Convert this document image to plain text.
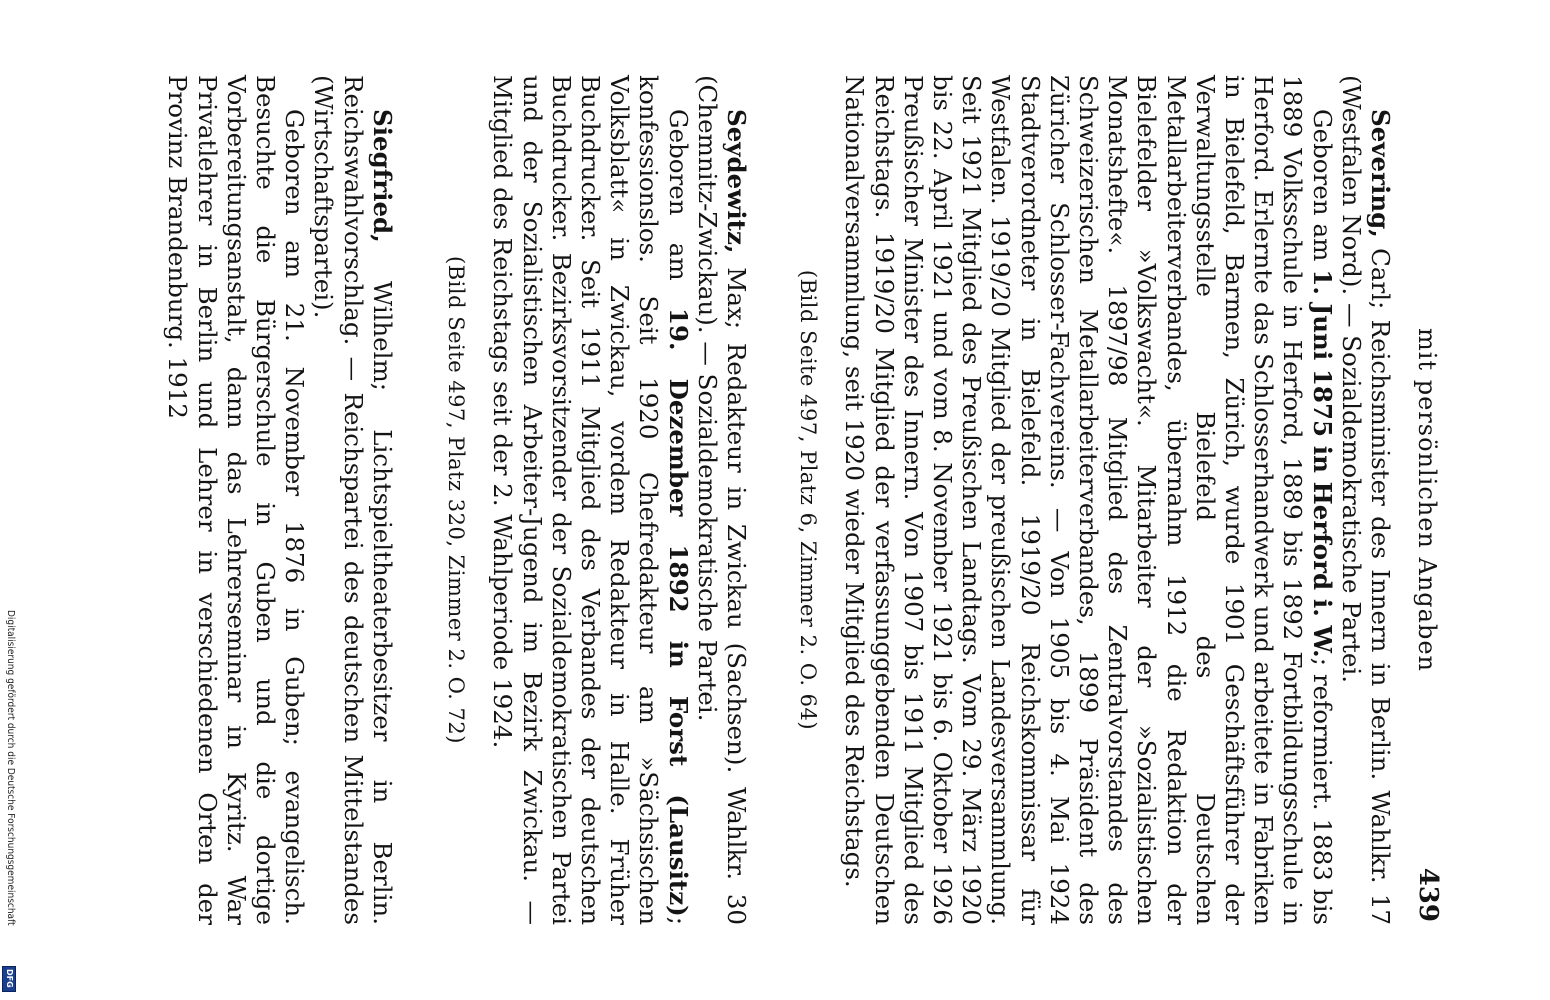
mit persönlichen Angaben
439

Severing, Carl; Reichsminister des Innern in Berlin. Wahlkr. 17 (Westfalen Nord). — Sozialdemokratische Partei.

Geboren am 1. Juni 1875 in Herford i. W.; reformiert. 1883 bis 1889 Volksschule in Herford, 1889 bis 1892 Fortbildungsschule in Herford. Erlernte das Schlosserhandwerk und arbeitete in Fabriken in Bielefeld, Barmen, Zürich, wurde 1901 Geschäftsführer der Verwaltungsstelle Bielefeld des Deutschen Metallarbeiterverbandes, übernahm 1912 die Redaktion der Bielefelder »Volkswacht«. Mitarbeiter der »Sozialistischen Monatshefte«. 1897/98 Mitglied des Zentralvorstandes des Schweizerischen Metallarbeiterverbandes, 1899 Präsident des Züricher Schlosser-Fachvereins. — Von 1905 bis 4. Mai 1924 Stadtverordneter in Bielefeld. 1919/20 Reichskommissar für Westfalen. 1919/20 Mitglied der preußischen Landesversammlung. Seit 1921 Mitglied des Preußischen Landtags. Vom 29. März 1920 bis 22. April 1921 und vom 8. November 1921 bis 6. Oktober 1926 Preußischer Minister des Innern. Von 1907 bis 1911 Mitglied des Reichstags. 1919/20 Mitglied der verfassunggebenden Deutschen Nationalversammlung, seit 1920 wieder Mitglied des Reichstags.

(Bild Seite 497, Platz 6, Zimmer 2. O. 64)

Seydewitz, Max; Redakteur in Zwickau (Sachsen). Wahlkr. 30 (Chemnitz-Zwickau). — Sozialdemokratische Partei.

Geboren am 19. Dezember 1892 in Forst (Lausitz); konfessionslos. Seit 1920 Chefredakteur am »Sächsischen Volksblatt« in Zwickau, vordem Redakteur in Halle. Früher Buchdrucker. Seit 1911 Mitglied des Verbandes der deutschen Buchdrucker. Bezirksvorsitzender der Sozialdemokratischen Partei und der Sozialistischen Arbeiter-Jugend im Bezirk Zwickau. — Mitglied des Reichstags seit der 2. Wahlperiode 1924.

(Bild Seite 497, Platz 320, Zimmer 2. O. 72)

Siegfried, Wilhelm; Lichtspieltheaterbesitzer in Berlin. Reichswahlvorschlag. — Reichspartei des deutschen Mittelstandes (Wirtschaftspartei).

Geboren am 21. November 1876 in Guben; evangelisch. Besuchte die Bürgerschule in Guben und die dortige Vorbereitungsanstalt, dann das Lehrerseminar in Kyritz. War Privatlehrer in Berlin und Lehrer in verschiedenen Orten der Provinz Brandenburg. 1912

Digitalisierung gefördert durch die Deutsche Forschungsgemeinschaft
DFG
